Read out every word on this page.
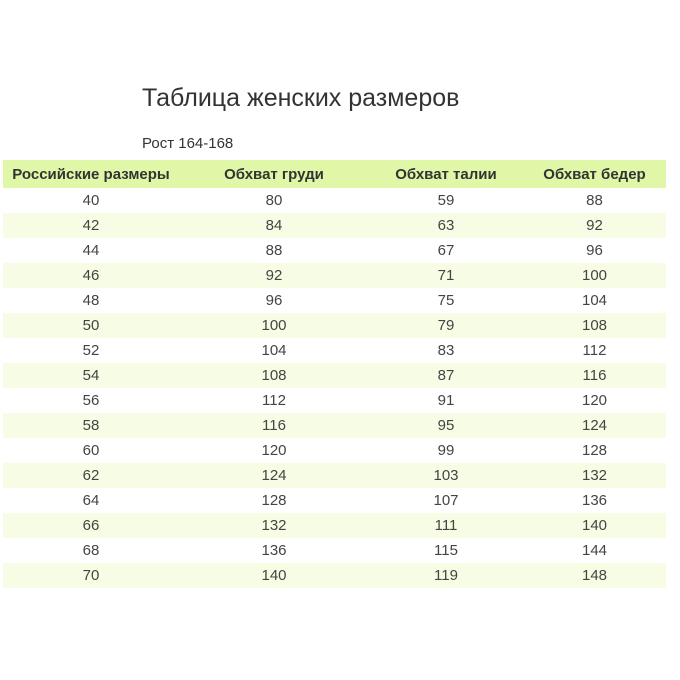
Таблица женских размеров
Рост 164-168
Российские размеры	Обхват груди	Обхват талии	Обхват бедер
40	80	59	88
42	84	63	92
44	88	67	96
46	92	71	100
48	96	75	104
50	100	79	108
52	104	83	112
54	108	87	116
56	112	91	120
58	116	95	124
60	120	99	128
62	124	103	132
64	128	107	136
66	132	111	140
68	136	115	144
70	140	119	148
